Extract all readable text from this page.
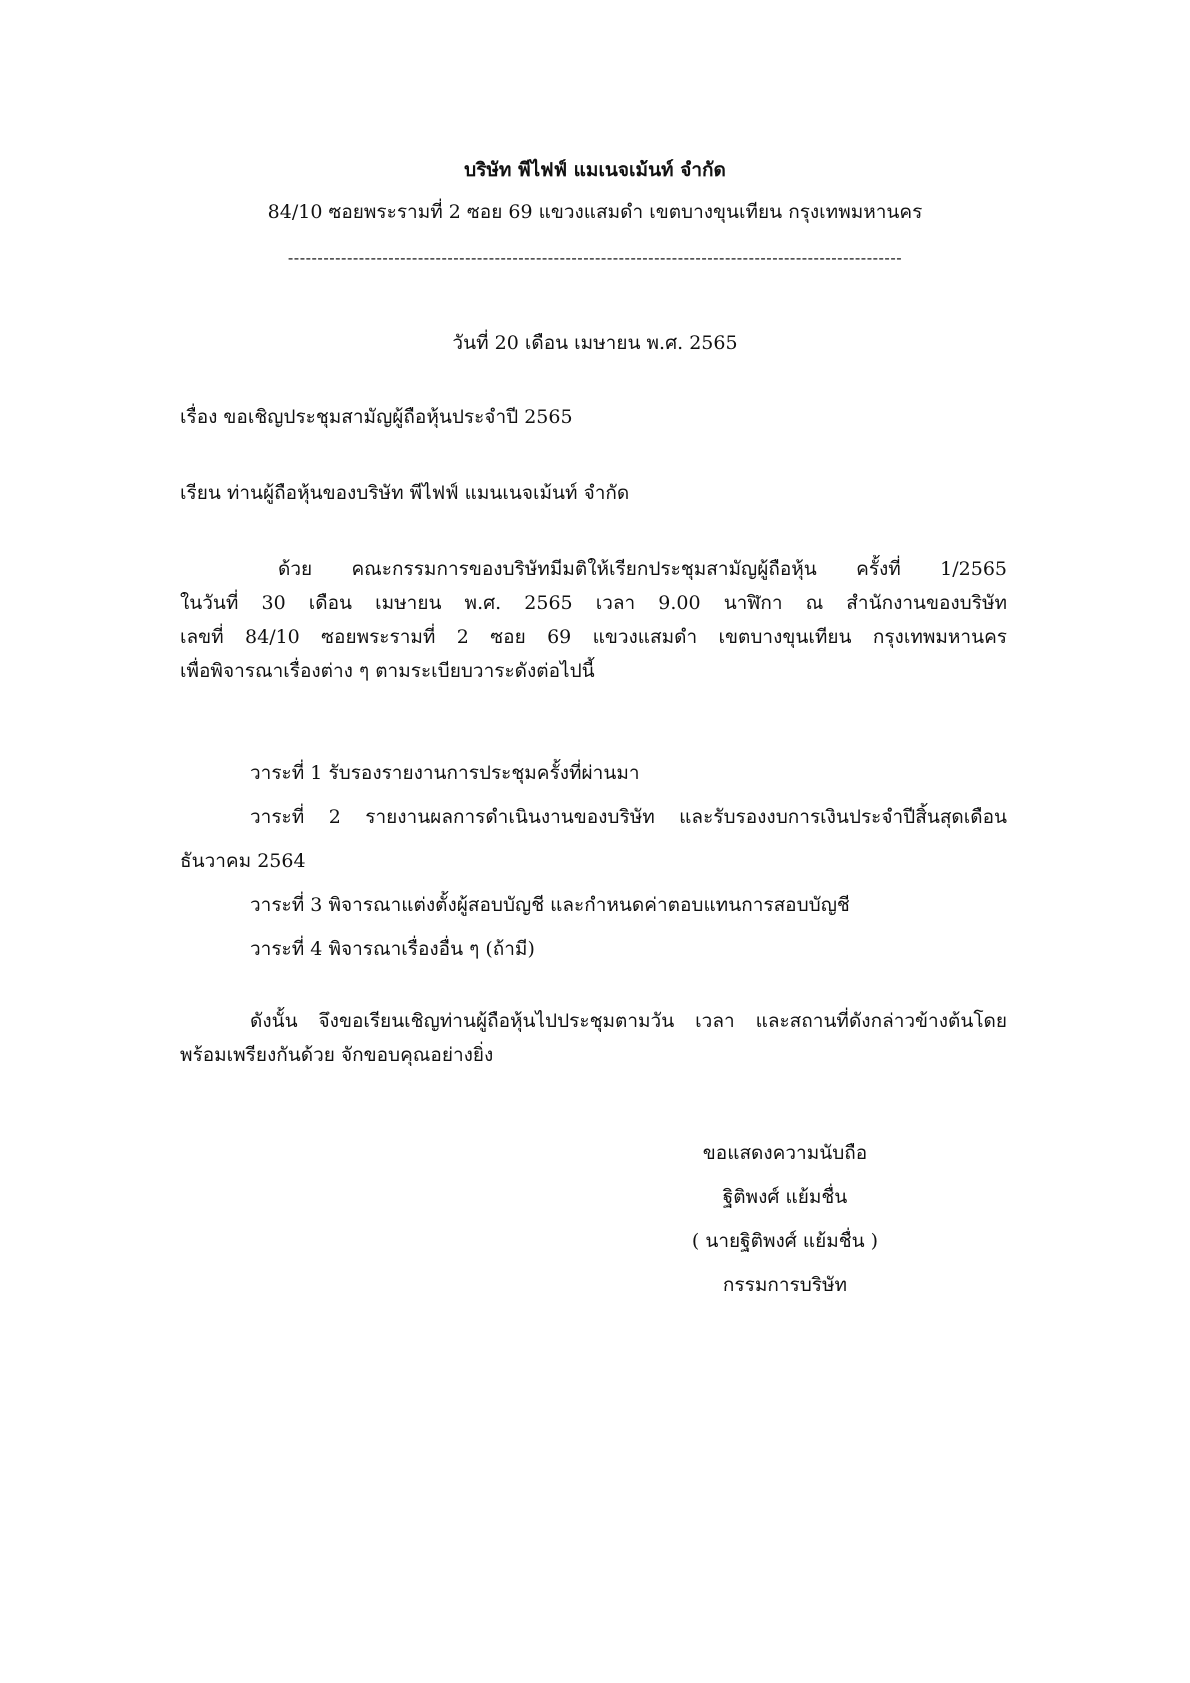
บริษัท พีไฟฟ์ แมเนจเม้นท์ จำกัด
84/10 ซอยพระรามที่ 2 ซอย 69 แขวงแสมดำ เขตบางขุนเทียน กรุงเทพมหานคร
--------------------------------------------------------------------------------------------------------
วันที่ 20 เดือน เมษายน พ.ศ. 2565
เรื่อง ขอเชิญประชุมสามัญผู้ถือหุ้นประจำปี 2565
เรียน ท่านผู้ถือหุ้นของบริษัท พีไฟฟ์ แมนเนจเม้นท์ จำกัด
ด้วย คณะกรรมการของบริษัทมีมติให้เรียกประชุมสามัญผู้ถือหุ้น ครั้งที่ 1/2565
ในวันที่ 30 เดือน เมษายน พ.ศ. 2565 เวลา 9.00 นาฬิกา ณ สำนักงานของบริษัท
เลขที่ 84/10 ซอยพระรามที่ 2 ซอย 69 แขวงแสมดำ เขตบางขุนเทียน กรุงเทพมหานคร
เพื่อพิจารณาเรื่องต่าง ๆ ตามระเบียบวาระดังต่อไปนี้
วาระที่ 1 รับรองรายงานการประชุมครั้งที่ผ่านมา
วาระที่ 2 รายงานผลการดำเนินงานของบริษัท และรับรองงบการเงินประจำปีสิ้นสุดเดือน
ธันวาคม 2564
วาระที่ 3 พิจารณาแต่งตั้งผู้สอบบัญชี และกำหนดค่าตอบแทนการสอบบัญชี
วาระที่ 4 พิจารณาเรื่องอื่น ๆ (ถ้ามี)
ดังนั้น จึงขอเรียนเชิญท่านผู้ถือหุ้นไปประชุมตามวัน เวลา และสถานที่ดังกล่าวข้างต้นโดย
พร้อมเพรียงกันด้วย จักขอบคุณอย่างยิ่ง
ขอแสดงความนับถือ
ฐิติพงศ์ แย้มชื่น
( นายฐิติพงศ์ แย้มชื่น )
กรรมการบริษัท
